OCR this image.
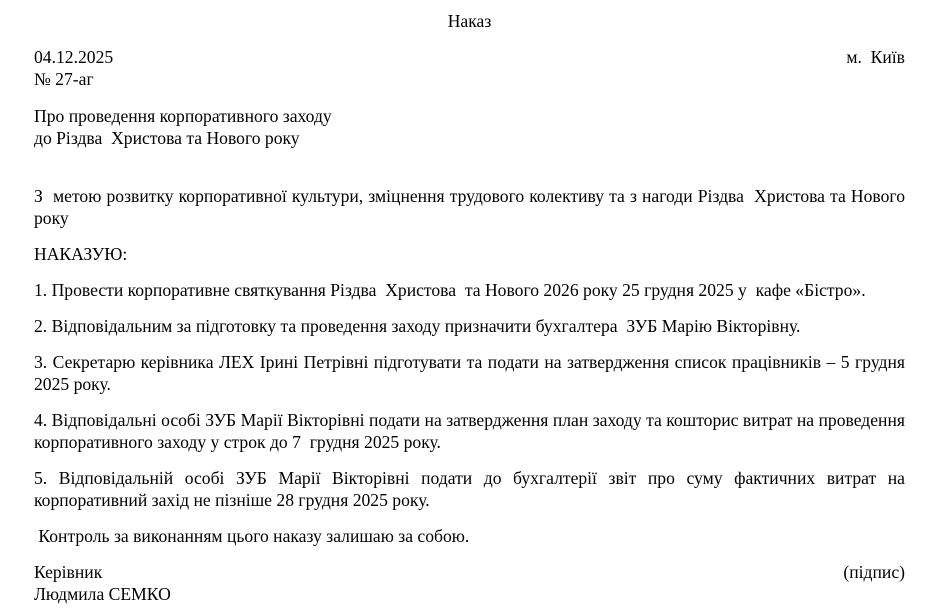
Наказ

04.12.2025	м.  Київ

№ 27-аг

Про проведення корпоративного заходу

до Різдва  Христова та Нового року

З  метою розвитку корпоративної культури, зміцнення трудового колективу та з нагоди Різдва  Христова та Нового року

НАКАЗУЮ:

1. Провести корпоративне святкування Різдва  Христова  та Нового 2026 року 25 грудня 2025 у  кафе «Бістро».

2. Відповідальним за підготовку та проведення заходу призначити бухгалтера  ЗУБ Марію Вікторівну.

3. Секретарю керівника ЛЕХ Ірині Петрівні підготувати та подати на затвердження список працівників – 5 грудня 2025 року.

4. Відповідальні особі ЗУБ Марії Вікторівні подати на затвердження план заходу та кошторис витрат на проведення корпоративного заходу у строк до 7  грудня 2025 року.

5. Відповідальній особі ЗУБ Марії Вікторівні подати до бухгалтерії звіт про суму фактичних витрат на корпоративний захід не пізніше 28 грудня 2025 року.

Контроль за виконанням цього наказу залишаю за собою.

Керівник	(підпис)

Людмила СЕМКО
